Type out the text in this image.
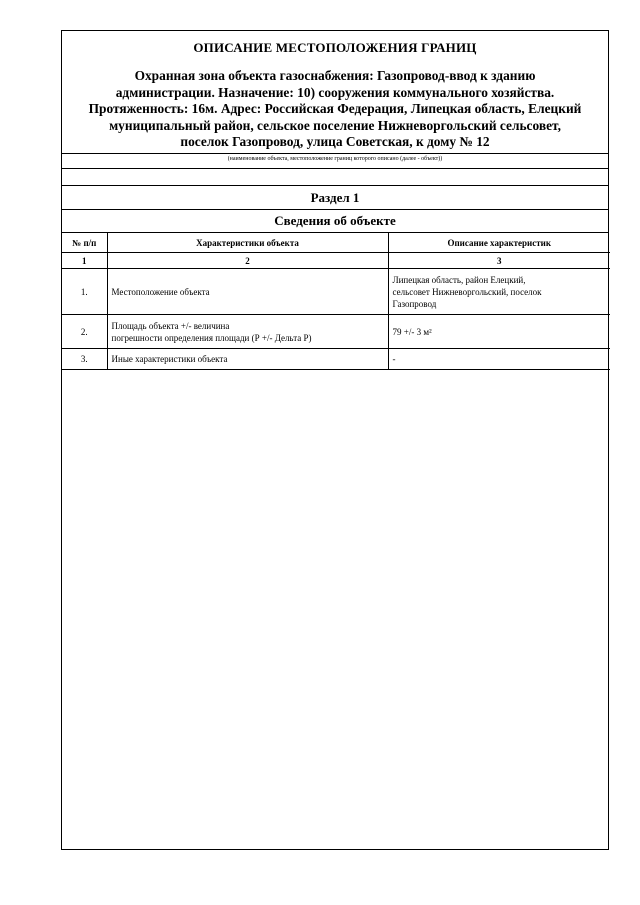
ОПИСАНИЕ МЕСТОПОЛОЖЕНИЯ ГРАНИЦ

Охранная зона объекта газоснабжения: Газопровод-ввод к зданию
администрации. Назначение: 10) сооружения коммунального хозяйства.
Протяженность: 16м. Адрес: Российская Федерация, Липецкая область, Елецкий
муниципальный район, сельское поселение Нижневоргольский сельсовет,
поселок Газопровод, улица Советская, к дому № 12

(наименование объекта, местоположение границ которого описано (далее - объект))
Раздел 1
Сведения об объекте
№ п/п	Характеристики объекта	Описание характеристик
1	2	3
1.	Местоположение объекта	Липецкая область, район Елецкий,
сельсовет Нижневоргольский, поселок
Газопровод
2.	Площадь объекта +/- величина
погрешности определения площади (Р +/- Дельта Р)	79 +/- 3 м²
3.	Иные характеристики объекта	-
